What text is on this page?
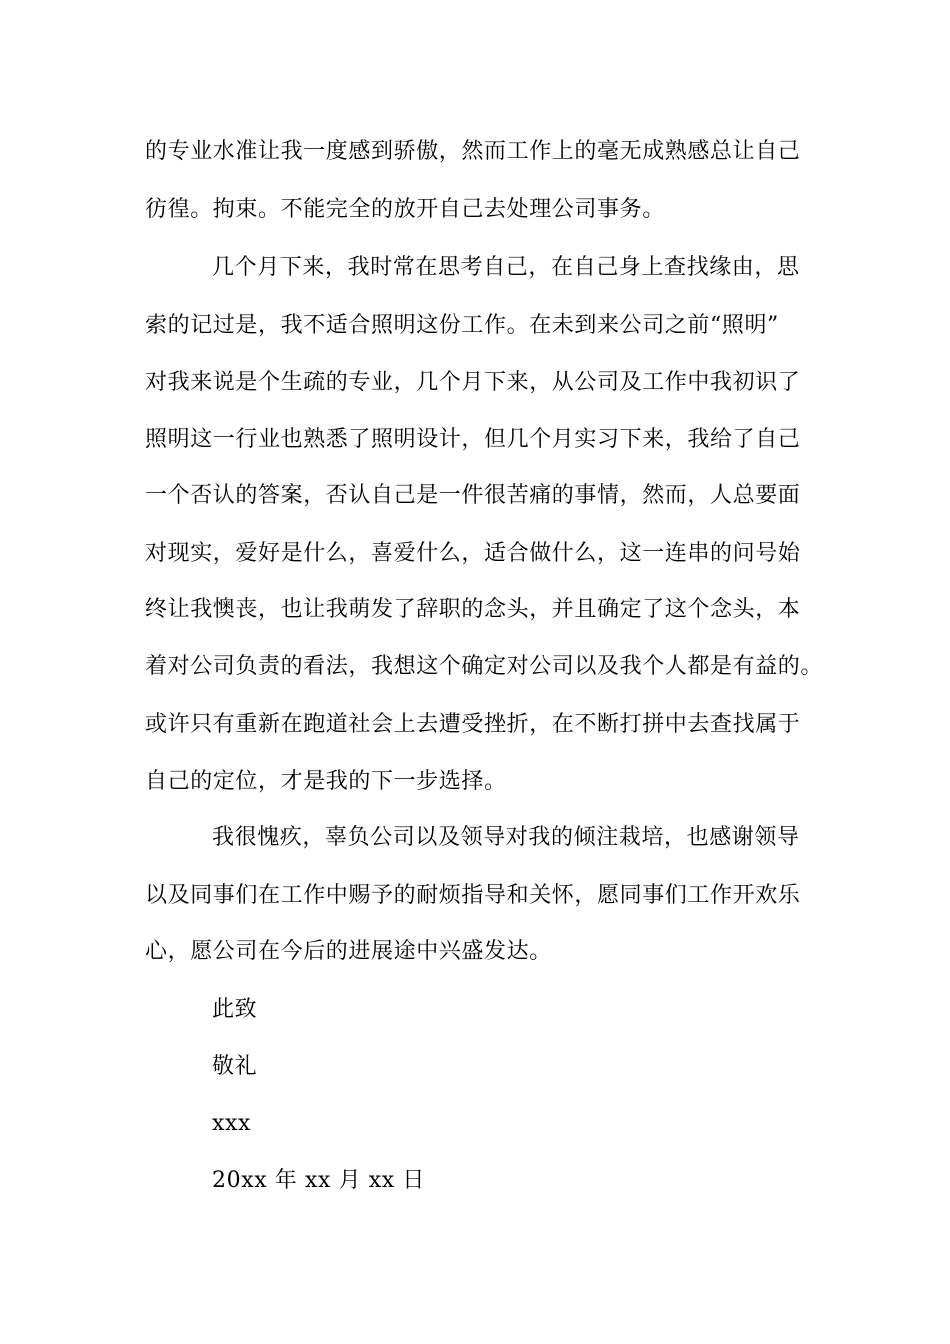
的专业水准让我一度感到骄傲，然而工作上的毫无成熟感总让自己
彷徨。拘束。不能完全的放开自己去处理公司事务。
几个月下来，我时常在思考自己，在自己身上查找缘由，思
索的记过是，我不适合照明这份工作。在未到来公司之前“照明”
对我来说是个生疏的专业，几个月下来，从公司及工作中我初识了
照明这一行业也熟悉了照明设计，但几个月实习下来，我给了自己
一个否认的答案，否认自己是一件很苦痛的事情，然而，人总要面
对现实，爱好是什么，喜爱什么，适合做什么，这一连串的问号始
终让我懊丧，也让我萌发了辞职的念头，并且确定了这个念头，本
着对公司负责的看法，我想这个确定对公司以及我个人都是有益的。
或许只有重新在跑道社会上去遭受挫折，在不断打拼中去查找属于
自己的定位，才是我的下一步选择。
我很愧疚，辜负公司以及领导对我的倾注栽培，也感谢领导
以及同事们在工作中赐予的耐烦指导和关怀，愿同事们工作开欢乐
心，愿公司在今后的进展途中兴盛发达。
此致
敬礼
xxx
20xx 年 xx 月 xx 日
